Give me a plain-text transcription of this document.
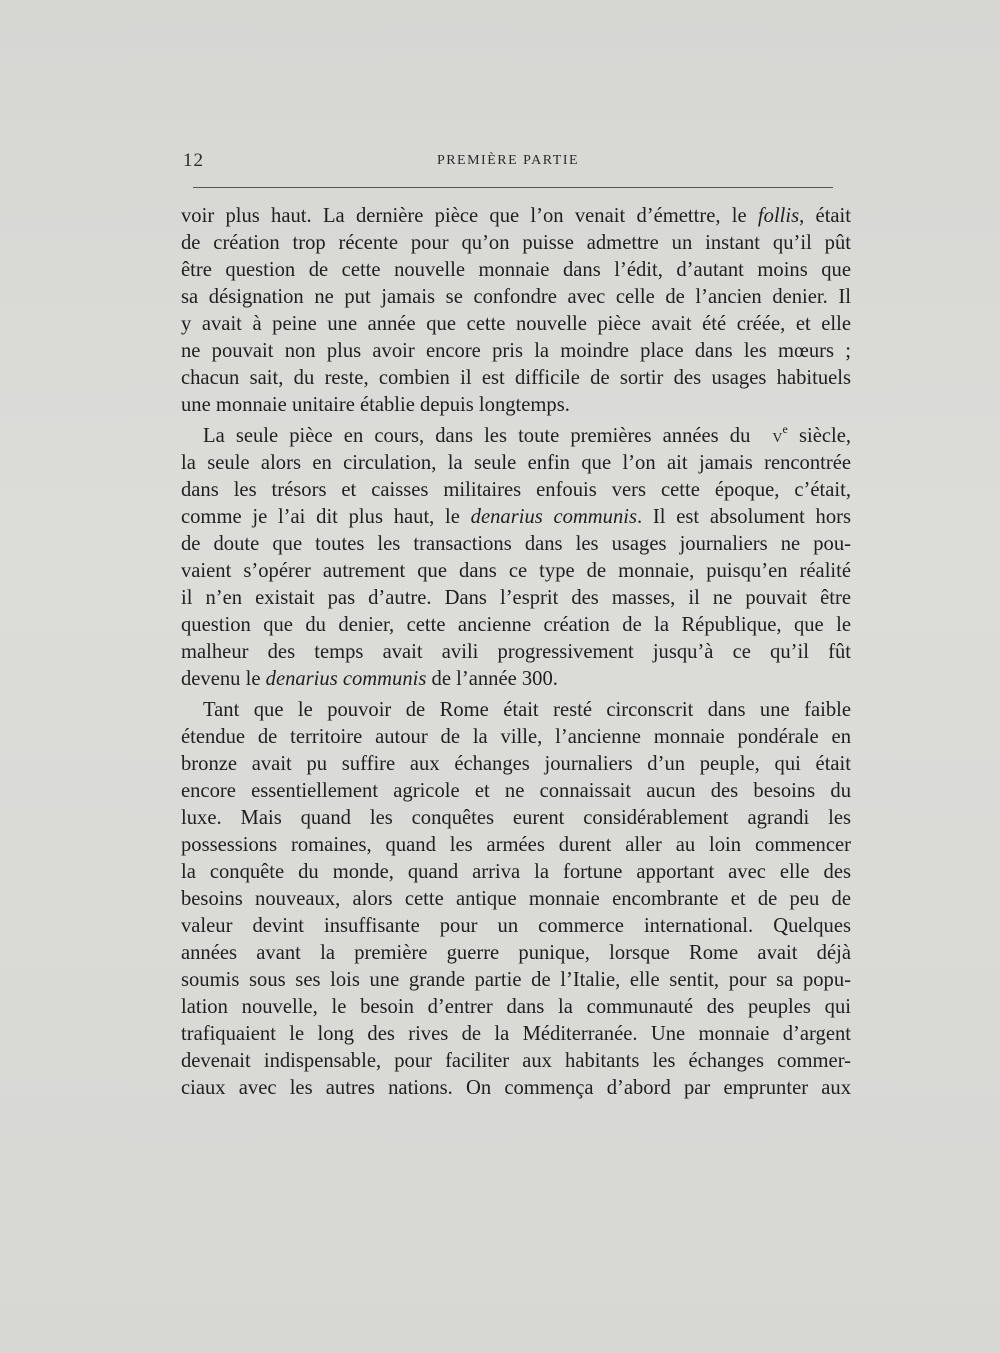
12	PREMIÈRE PARTIE

voir plus haut. La dernière pièce que l’on venait d’émettre, le follis, était

de création trop récente pour qu’on puisse admettre un instant qu’il pût

être question de cette nouvelle monnaie dans l’édit, d’autant moins que

sa désignation ne put jamais se confondre avec celle de l’ancien denier. Il

y avait à peine une année que cette nouvelle pièce avait été créée, et elle

ne pouvait non plus avoir encore pris la moindre place dans les mœurs ;

chacun sait, du reste, combien il est difficile de sortir des usages habituels

une monnaie unitaire établie depuis longtemps.

La seule pièce en cours, dans les toute premières années du ɪv$^e$ siècle,

la seule alors en circulation, la seule enfin que l’on ait jamais rencontrée

dans les trésors et caisses militaires enfouis vers cette époque, c’était,

comme je l’ai dit plus haut, le denarius communis. Il est absolument hors

de doute que toutes les transactions dans les usages journaliers ne pou-

vaient s’opérer autrement que dans ce type de monnaie, puisqu’en réalité

il n’en existait pas d’autre. Dans l’esprit des masses, il ne pouvait être

question que du denier, cette ancienne création de la République, que le

malheur des temps avait avili progressivement jusqu’à ce qu’il fût

devenu le denarius communis de l’année 300.

Tant que le pouvoir de Rome était resté circonscrit dans une faible

étendue de territoire autour de la ville, l’ancienne monnaie pondérale en

bronze avait pu suffire aux échanges journaliers d’un peuple, qui était

encore essentiellement agricole et ne connaissait aucun des besoins du

luxe. Mais quand les conquêtes eurent considérablement agrandi les

possessions romaines, quand les armées durent aller au loin commencer

la conquête du monde, quand arriva la fortune apportant avec elle des

besoins nouveaux, alors cette antique monnaie encombrante et de peu de

valeur devint insuffisante pour un commerce international. Quelques

années avant la première guerre punique, lorsque Rome avait déjà

soumis sous ses lois une grande partie de l’Italie, elle sentit, pour sa popu-

lation nouvelle, le besoin d’entrer dans la communauté des peuples qui

trafiquaient le long des rives de la Méditerranée. Une monnaie d’argent

devenait indispensable, pour faciliter aux habitants les échanges commer-

ciaux avec les autres nations. On commença d’abord par emprunter aux
